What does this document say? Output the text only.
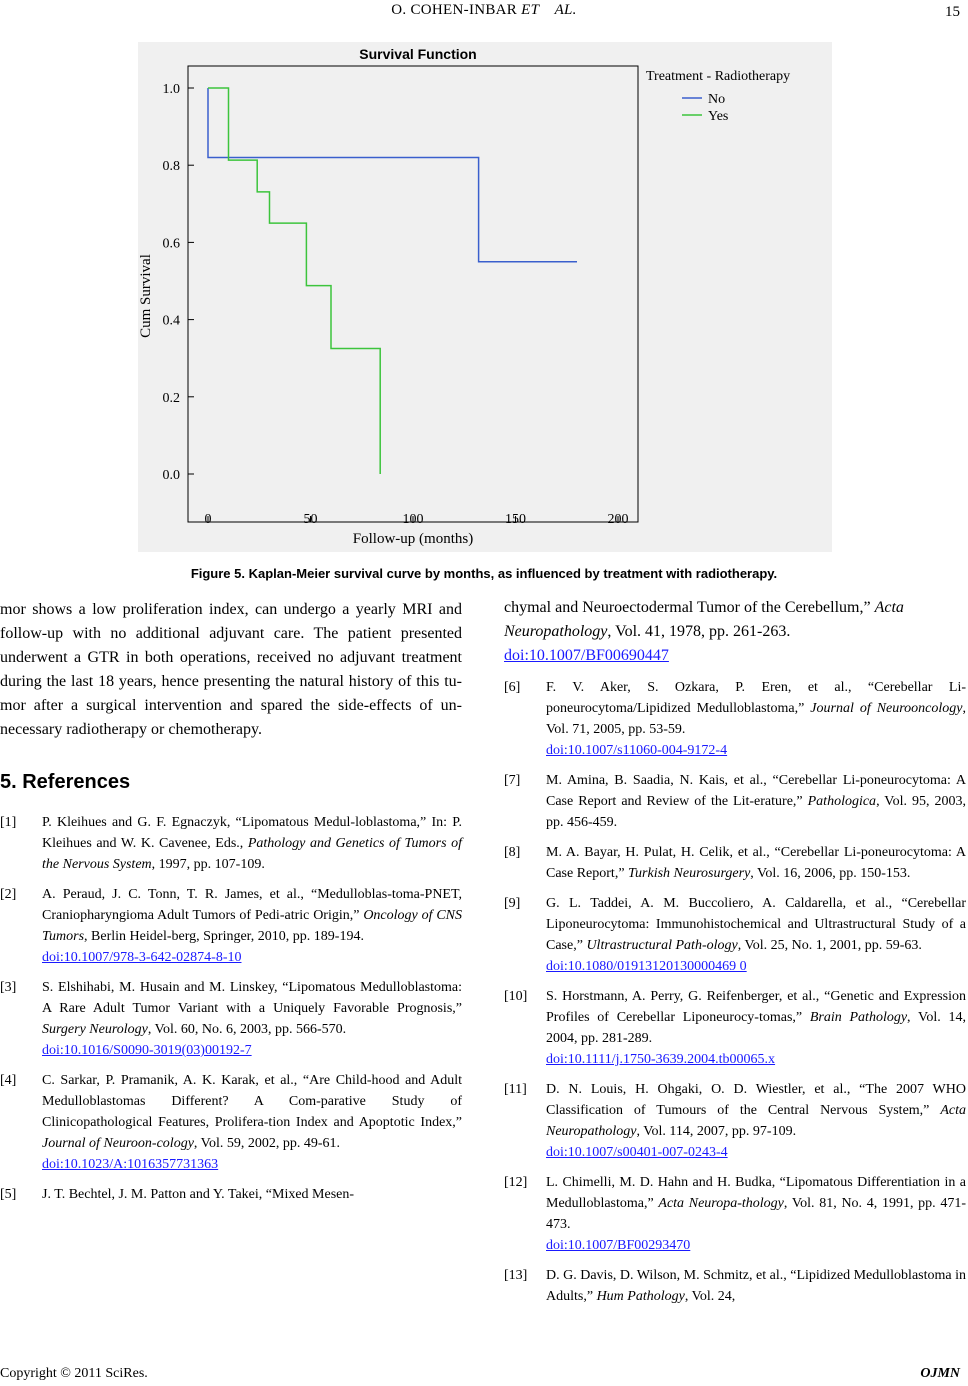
O. COHEN-INBAR ET AL.	15
Survival Function
0.0
0.2
0.4
0.6
0.8
1.0
0	50	100	150	200
Cum Survival
Follow-up (months)
Treatment - Radiotherapy
No
Yes
Figure 5. Kaplan-Meier survival curve by months, as influenced by treatment with radiotherapy.

mor shows a low proliferation index, can undergo a yearly MRI and follow-up with no additional adjuvant care. The patient presented underwent a GTR in both operations, received no adjuvant treatment during the last 18 years, hence presenting the natural history of this tu-mor after a surgical intervention and spared the side-effects of un-necessary radiotherapy or chemotherapy.

5. References
[1]	P. Kleihues and G. F. Egnaczyk, “Lipomatous Medul-loblastoma,” In: P. Kleihues and W. K. Cavenee, Eds., Pathology and Genetics of Tumors of the Nervous System, 1997, pp. 107-109.
[2]	A. Peraud, J. C. Tonn, T. R. James, et al., “Medulloblas-toma-PNET, Craniopharyngioma Adult Tumors of Pedi-atric Origin,” Oncology of CNS Tumors, Berlin Heidel-berg, Springer, 2010, pp. 189-194.
doi:10.1007/978-3-642-02874-8-10
[3]	S. Elshihabi, M. Husain and M. Linskey, “Lipomatous Medulloblastoma: A Rare Adult Tumor Variant with a Uniquely Favorable Prognosis,” Surgery Neurology, Vol. 60, No. 6, 2003, pp. 566-570.
doi:10.1016/S0090-3019(03)00192-7
[4]	C. Sarkar, P. Pramanik, A. K. Karak, et al., “Are Child-hood and Adult Medulloblastomas Different? A Com-parative Study of Clinicopathological Features, Prolifera-tion Index and Apoptotic Index,” Journal of Neuroon-cology, Vol. 59, 2002, pp. 49-61.
doi:10.1023/A:1016357731363
[5]	J. T. Bechtel, J. M. Patton and Y. Takei, “Mixed Mesen-
chymal and Neuroectodermal Tumor of the Cerebellum,” Acta Neuropathology, Vol. 41, 1978, pp. 261-263.
doi:10.1007/BF00690447
[6]	F. V. Aker, S. Ozkara, P. Eren, et al., “Cerebellar Li-poneurocytoma/Lipidized Medulloblastoma,” Journal of Neurooncology, Vol. 71, 2005, pp. 53-59.
doi:10.1007/s11060-004-9172-4
[7]	M. Amina, B. Saadia, N. Kais, et al., “Cerebellar Li-poneurocytoma: A Case Report and Review of the Lit-erature,” Pathologica, Vol. 95, 2003, pp. 456-459.
[8]	M. A. Bayar, H. Pulat, H. Celik, et al., “Cerebellar Li-poneurocytoma: A Case Report,” Turkish Neurosurgery, Vol. 16, 2006, pp. 150-153.
[9]	G. L. Taddei, A. M. Buccoliero, A. Caldarella, et al., “Cerebellar Liponeurocytoma: Immunohistochemical and Ultrastructural Study of a Case,” Ultrastructural Path-ology, Vol. 25, No. 1, 2001, pp. 59-63.
doi:10.1080/01913120130000469 0
[10]	S. Horstmann, A. Perry, G. Reifenberger, et al., “Genetic and Expression Profiles of Cerebellar Liponeurocy-tomas,” Brain Pathology, Vol. 14, 2004, pp. 281-289.
doi:10.1111/j.1750-3639.2004.tb00065.x
[11]	D. N. Louis, H. Ohgaki, O. D. Wiestler, et al., “The 2007 WHO Classification of Tumours of the Central Nervous System,” Acta Neuropathology, Vol. 114, 2007, pp. 97-109.
doi:10.1007/s00401-007-0243-4
[12]	L. Chimelli, M. D. Hahn and H. Budka, “Lipomatous Differentiation in a Medulloblastoma,” Acta Neuropa-thology, Vol. 81, No. 4, 1991, pp. 471-473.
doi:10.1007/BF00293470
[13]	D. G. Davis, D. Wilson, M. Schmitz, et al., “Lipidized Medulloblastoma in Adults,” Hum Pathology, Vol. 24,
Copyright © 2011 SciRes.	OJMN
